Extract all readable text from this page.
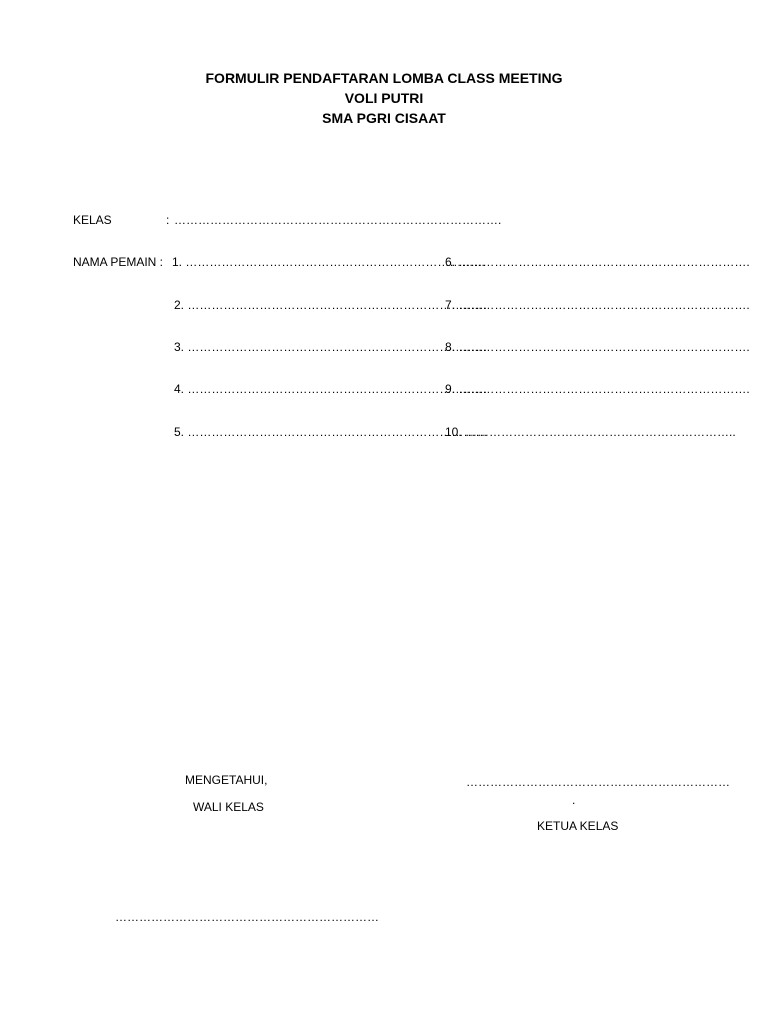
FORMULIR PENDAFTARAN LOMBA CLASS MEETING
VOLI PUTRI
SMA PGRI CISAAT
KELAS	: ……………………………………………………………………….
NAMA PEMAIN : 1. …………………………………………………………………
2. …………………………………………………………………
3. …………………………………………………………………
4. …………………………………………………………………
5. …………………………………………………………………
6. ……………………………………………………………….
7. ……………………………………………………………….
8. ……………………………………………………………….
9. ……………………………………………………………….
10. …………………………………………………………..
MENGETAHUI,
WALI KELAS
…………………………………………………………
.
KETUA KELAS
…………………………………………………………
